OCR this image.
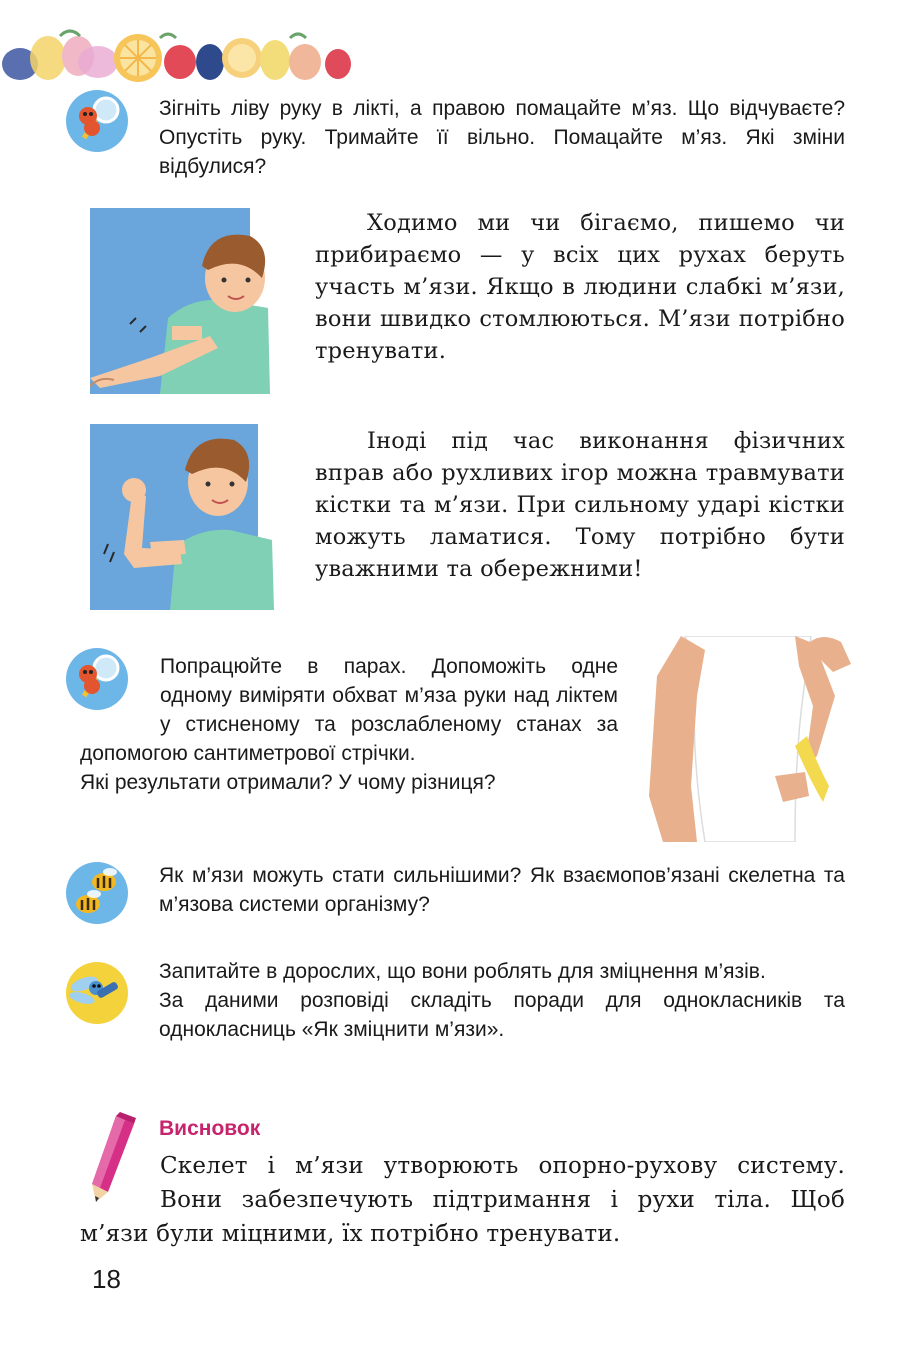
Зігніть ліву руку в лікті, а правою помацайте м’яз. Що відчуваєте? Опустіть руку. Тримайте її вільно. Помацайте м’яз. Які зміни відбулися?
Ходимо ми чи бігаємо, пишемо чи прибираємо — у всіх цих рухах беруть участь м’язи. Якщо в людини слабкі м’язи, вони швидко стомлюються. М’язи потрібно тренувати.
Іноді під час виконання фізичних вправ або рухливих ігор можна травмувати кістки та м’язи. При сильному ударі кістки можуть ламатися. Тому потрібно бути уважними та обережними!

Попрацюйте в парах. Допоможіть одне одному виміряти обхват м’яза руки над ліктем у стисненому та розслабленому станах за допомогою сантиметрової стрічки.

Які результати отримали? У чому різниця?

Як м’язи можуть стати сильнішими? Як взаємопов’язані скелетна та м’язова системи організму?

Запитайте в дорослих, що вони роблять для зміцнення м’язів.

За даними розповіді складіть поради для однокласників та однокласниць «Як зміцнити м’язи».

Висновок
Скелет і м’язи утворюють опорно-рухову систему. Вони забезпечують підтримання і рухи тіла. Щоб м’язи були міцними, їх потрібно тренувати.
18
